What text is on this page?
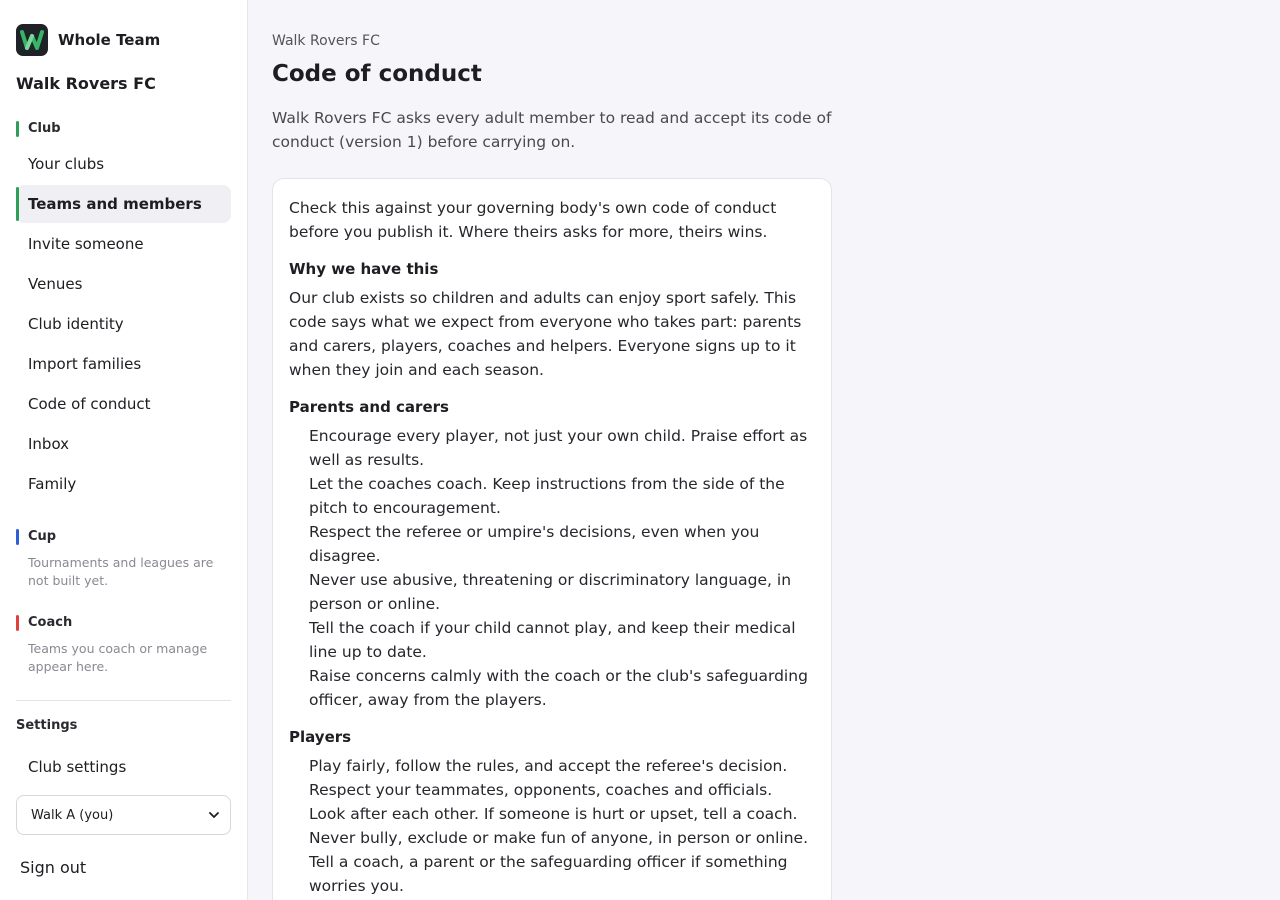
Whole Team
Walk Rovers FC
Club
Your clubs
Teams and members
Invite someone
Venues
Club identity
Import families
Code of conduct
Inbox
Family
Cup
Tournaments and leagues are not built yet.
Coach
Teams you coach or manage appear here.
Settings
Club settings
Walk A (you)
Sign out
Walk Rovers FC
Code of conduct

Walk Rovers FC asks every adult member to read and accept its code of conduct (version 1) before carrying on.

Check this against your governing body's own code of conduct before you publish it. Where theirs asks for more, theirs wins.

Why we have this

Our club exists so children and adults can enjoy sport safely. This code says what we expect from everyone who takes part: parents and carers, players, coaches and helpers. Everyone signs up to it when they join and each season.

Parents and carers
Encourage every player, not just your own child. Praise effort as well as results.
Let the coaches coach. Keep instructions from the side of the pitch to encouragement.
Respect the referee or umpire's decisions, even when you disagree.
Never use abusive, threatening or discriminatory language, in person or online.
Tell the coach if your child cannot play, and keep their medical line up to date.
Raise concerns calmly with the coach or the club's safeguarding officer, away from the players.
Players
Play fairly, follow the rules, and accept the referee's decision.
Respect your teammates, opponents, coaches and officials.
Look after each other. If someone is hurt or upset, tell a coach.
Never bully, exclude or make fun of anyone, in person or online.
Tell a coach, a parent or the safeguarding officer if something worries you.
